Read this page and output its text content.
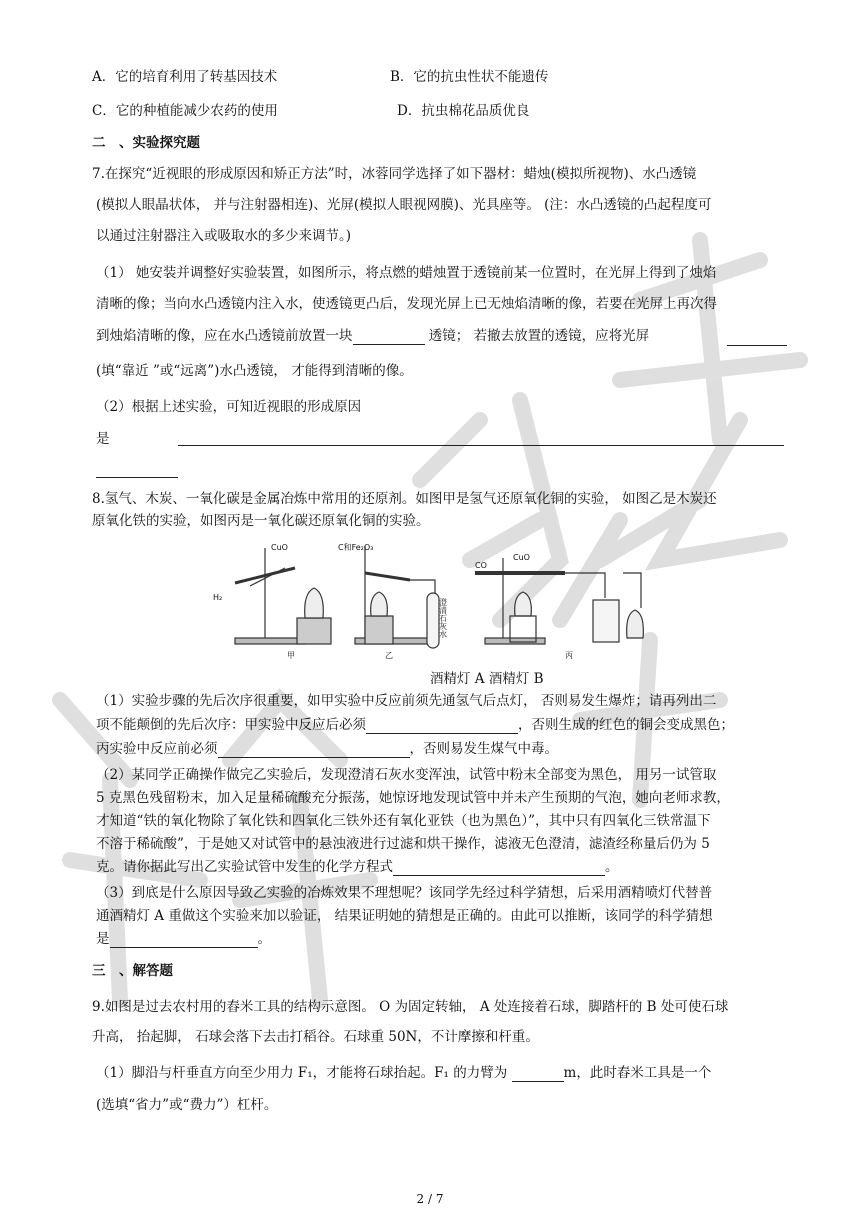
A．它的培育利用了转基因技术	B．它的抗虫性状不能遗传
C．它的种植能减少农药的使用	D．抗虫棉花品质优良
二　、实验探究题
7.在探究“近视眼的形成原因和矫正方法”时，冰蓉同学选择了如下器材：蜡烛(模拟所视物)、水凸透镜
(模拟人眼晶状体， 并与注射器相连)、光屏(模拟人眼视网膜)、光具座等。 (注：水凸透镜的凸起程度可
以通过注射器注入或吸取水的多少来调节。)
（1） 她安装并调整好实验装置，如图所示，将点燃的蜡烛置于透镜前某一位置时，在光屏上得到了烛焰
清晰的像；当向水凸透镜内注入水，使透镜更凸后，发现光屏上已无烛焰清晰的像，若要在光屏上再次得
到烛焰清晰的像，应在水凸透镜前放置一块	透镜； 若撤去放置的透镜，应将光屏
(填“靠近 ”或“远离”)水凸透镜， 才能得到清晰的像。
（2）根据上述实验，可知近视眼的形成原因
是
8.氢气、木炭、一氧化碳是金属冶炼中常用的还原剂。如图甲是氢气还原氧化铜的实验， 如图乙是木炭还
原氧化铁的实验，如图丙是一氧化碳还原氧化铜的实验。
CuO	C和Fe₂O₃
CuO
H₂
CO
澄清石灰水
甲	乙	丙
酒精灯 A 酒精灯 B
（1）实验步骤的先后次序很重要，如甲实验中反应前须先通氢气后点灯， 否则易发生爆炸；请再列出二
项不能颠倒的先后次序：甲实验中反应后必须	，否则生成的红色的铜会变成黑色；
丙实验中反应前必须	，否则易发生煤气中毒。
（2）某同学正确操作做完乙实验后，发现澄清石灰水变浑浊，试管中粉末全部变为黑色， 用另一试管取
5 克黑色残留粉末，加入足量稀硫酸充分振荡，她惊讶地发现试管中并未产生预期的气泡，她向老师求教，
才知道“铁的氧化物除了氧化铁和四氧化三铁外还有氧化亚铁（也为黑色）”，其中只有四氧化三铁常温下
不溶于稀硫酸”，于是她又对试管中的悬浊液进行过滤和烘干操作，滤液无色澄清，滤渣经称量后仍为 5
克。请你据此写出乙实验试管中发生的化学方程式	。
（3）到底是什么原因导致乙实验的冶炼效果不理想呢？该同学先经过科学猜想，后采用酒精喷灯代替普
通酒精灯 A 重做这个实验来加以验证， 结果证明她的猜想是正确的。由此可以推断，该同学的科学猜想
是	。
三　、解答题
9.如图是过去农村用的舂米工具的结构示意图。 O 为固定转轴， A 处连接着石球，脚踏杆的 B 处可使石球
升高， 抬起脚， 石球会落下去击打稻谷。石球重 50N，不计摩擦和杆重。
（1）脚沿与杆垂直方向至少用力 F₁，才能将石球抬起。F₁ 的力臂为	m，此时舂米工具是一个
(选填“省力”或“费力”）杠杆。
2 / 7
